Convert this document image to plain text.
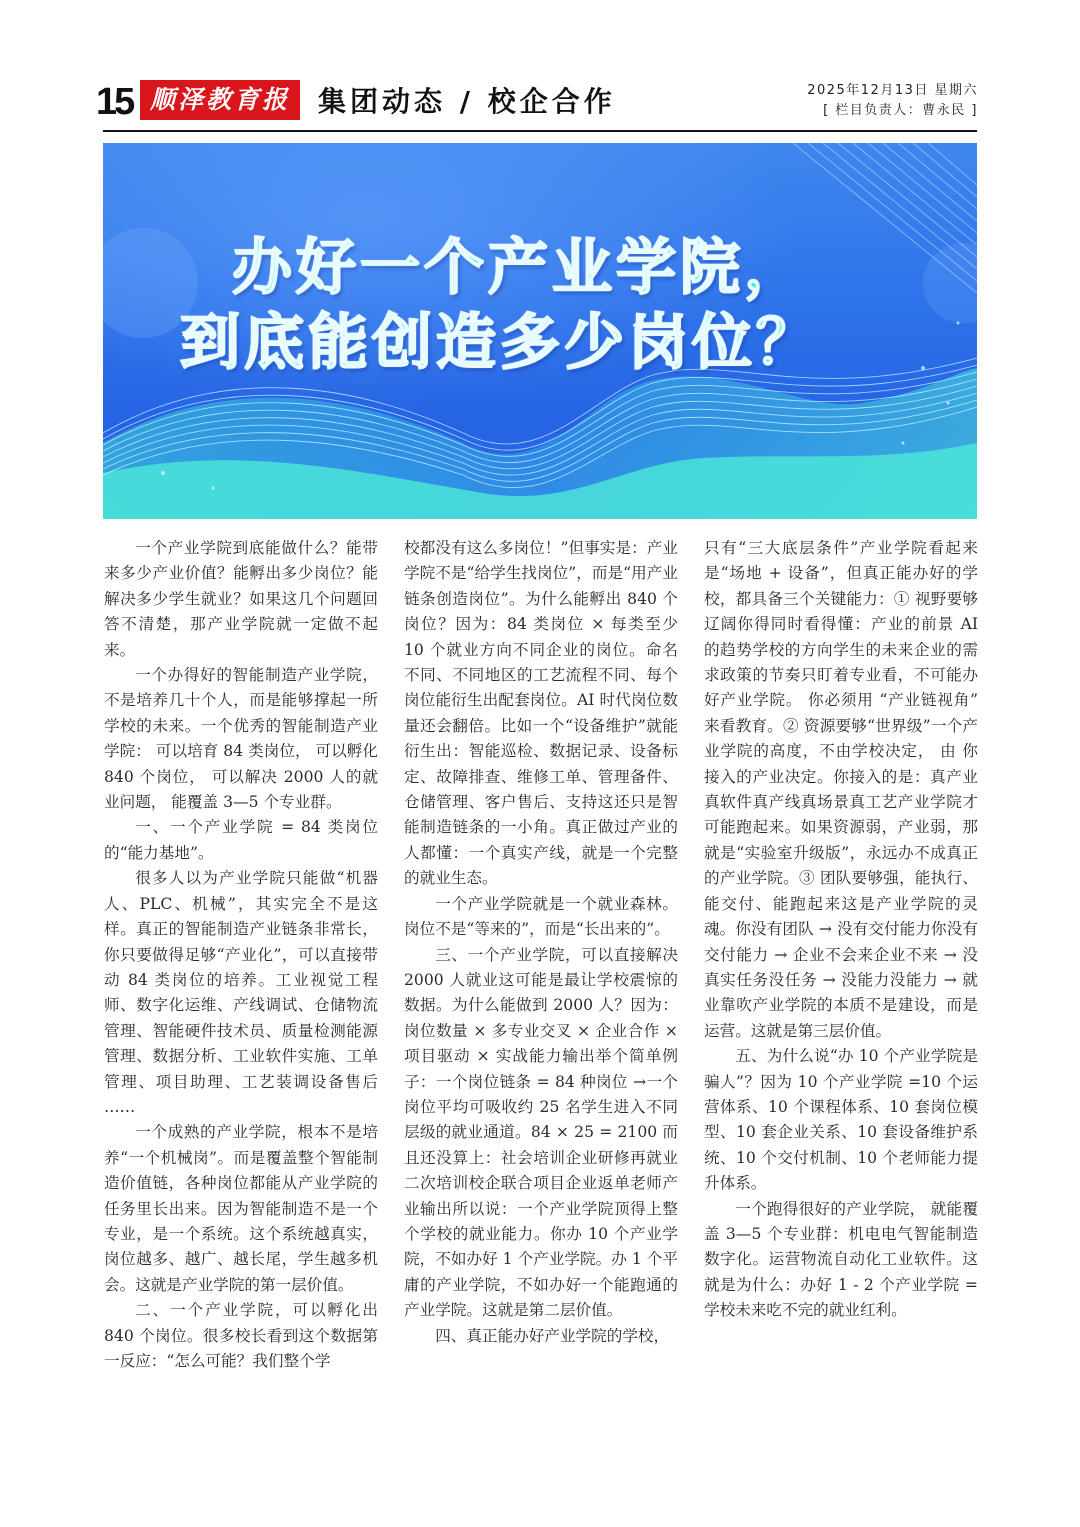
15 顺泽教育报	集团动态 / 校企合作	2025年12月13日 星期六
[ 栏目负责人：曹永民 ]
办好一个产业学院，
到底能创造多少岗位？

一个产业学院到底能做什么？能带来多少产业价值？能孵出多少岗位？能解决多少学生就业？如果这几个问题回答不清楚，那产业学院就一定做不起来。

一个办得好的智能制造产业学院，不是培养几十个人，而是能够撑起一所学校的未来。一个优秀的智能制造产业学院： 可以培育 84 类岗位， 可以孵化 840 个岗位， 可以解决 2000 人的就业问题， 能覆盖 3—5 个专业群。

一、一个产业学院 = 84 类岗位的“能力基地”。

很多人以为产业学院只能做“机器人、PLC、机械”，其实完全不是这样。真正的智能制造产业链条非常长，你只要做得足够“产业化”，可以直接带动 84 类岗位的培养。工业视觉工程师、数字化运维、产线调试、仓储物流管理、智能硬件技术员、质量检测能源管理、数据分析、工业软件实施、工单管理、项目助理、工艺装调设备售后 ……

一个成熟的产业学院，根本不是培养“一个机械岗”。而是覆盖整个智能制造价值链，各种岗位都能从产业学院的任务里长出来。因为智能制造不是一个专业，是一个系统。这个系统越真实，岗位越多、越广、越长尾，学生越多机会。这就是产业学院的第一层价值。

二、一个产业学院，可以孵化出 840 个岗位。很多校长看到这个数据第一反应：“怎么可能？我们整个学

校都没有这么多岗位！”但事实是：产业学院不是“给学生找岗位”，而是“用产业链条创造岗位”。为什么能孵出 840 个岗位？因为：84 类岗位 × 每类至少 10 个就业方向不同企业的岗位。命名不同、不同地区的工艺流程不同、每个岗位能衍生出配套岗位。AI 时代岗位数量还会翻倍。比如一个“设备维护”就能衍生出：智能巡检、数据记录、设备标定、故障排查、维修工单、管理备件、仓储管理、客户售后、支持这还只是智能制造链条的一小角。真正做过产业的人都懂：一个真实产线，就是一个完整的就业生态。

一个产业学院就是一个就业森林。岗位不是“等来的”，而是“长出来的”。

三、一个产业学院，可以直接解决 2000 人就业这可能是最让学校震惊的数据。为什么能做到 2000 人？因为：岗位数量 × 多专业交叉 × 企业合作 × 项目驱动 × 实战能力输出举个简单例子：一个岗位链条 = 84 种岗位 →一个岗位平均可吸收约 25 名学生进入不同层级的就业通道。84 × 25 = 2100 而且还没算上：社会培训企业研修再就业二次培训校企联合项目企业返单老师产业输出所以说：一个产业学院顶得上整个学校的就业能力。你办 10 个产业学院，不如办好 1 个产业学院。办 1 个平庸的产业学院，不如办好一个能跑通的产业学院。这就是第二层价值。

四、真正能办好产业学院的学校，

只有“三大底层条件”产业学院看起来是“场地 + 设备”，但真正能办好的学校，都具备三个关键能力：① 视野要够辽阔你得同时看得懂：产业的前景 AI 的趋势学校的方向学生的未来企业的需求政策的节奏只盯着专业看，不可能办好产业学院。 你必须用 “产业链视角” 来看教育。② 资源要够“世界级”一个产业学院的高度，不由学校决定， 由 你接入的产业决定。你接入的是：真产业真软件真产线真场景真工艺产业学院才可能跑起来。如果资源弱，产业弱，那就是“实验室升级版”，永远办不成真正的产业学院。③ 团队要够强，能执行、能交付、能跑起来这是产业学院的灵魂。你没有团队 → 没有交付能力你没有交付能力 → 企业不会来企业不来 → 没真实任务没任务 → 没能力没能力 → 就业靠吹产业学院的本质不是建设，而是运营。这就是第三层价值。

五、为什么说“办 10 个产业学院是骗人”？因为 10 个产业学院 =10 个运营体系、10 个课程体系、10 套岗位模型、10 套企业关系、10 套设备维护系统、10 个交付机制、10 个老师能力提升体系。

一个跑得很好的产业学院， 就能覆盖 3—5 个专业群：机电电气智能制造数字化。运营物流自动化工业软件。这就是为什么：办好 1 - 2 个产业学院 = 学校未来吃不完的就业红利。
